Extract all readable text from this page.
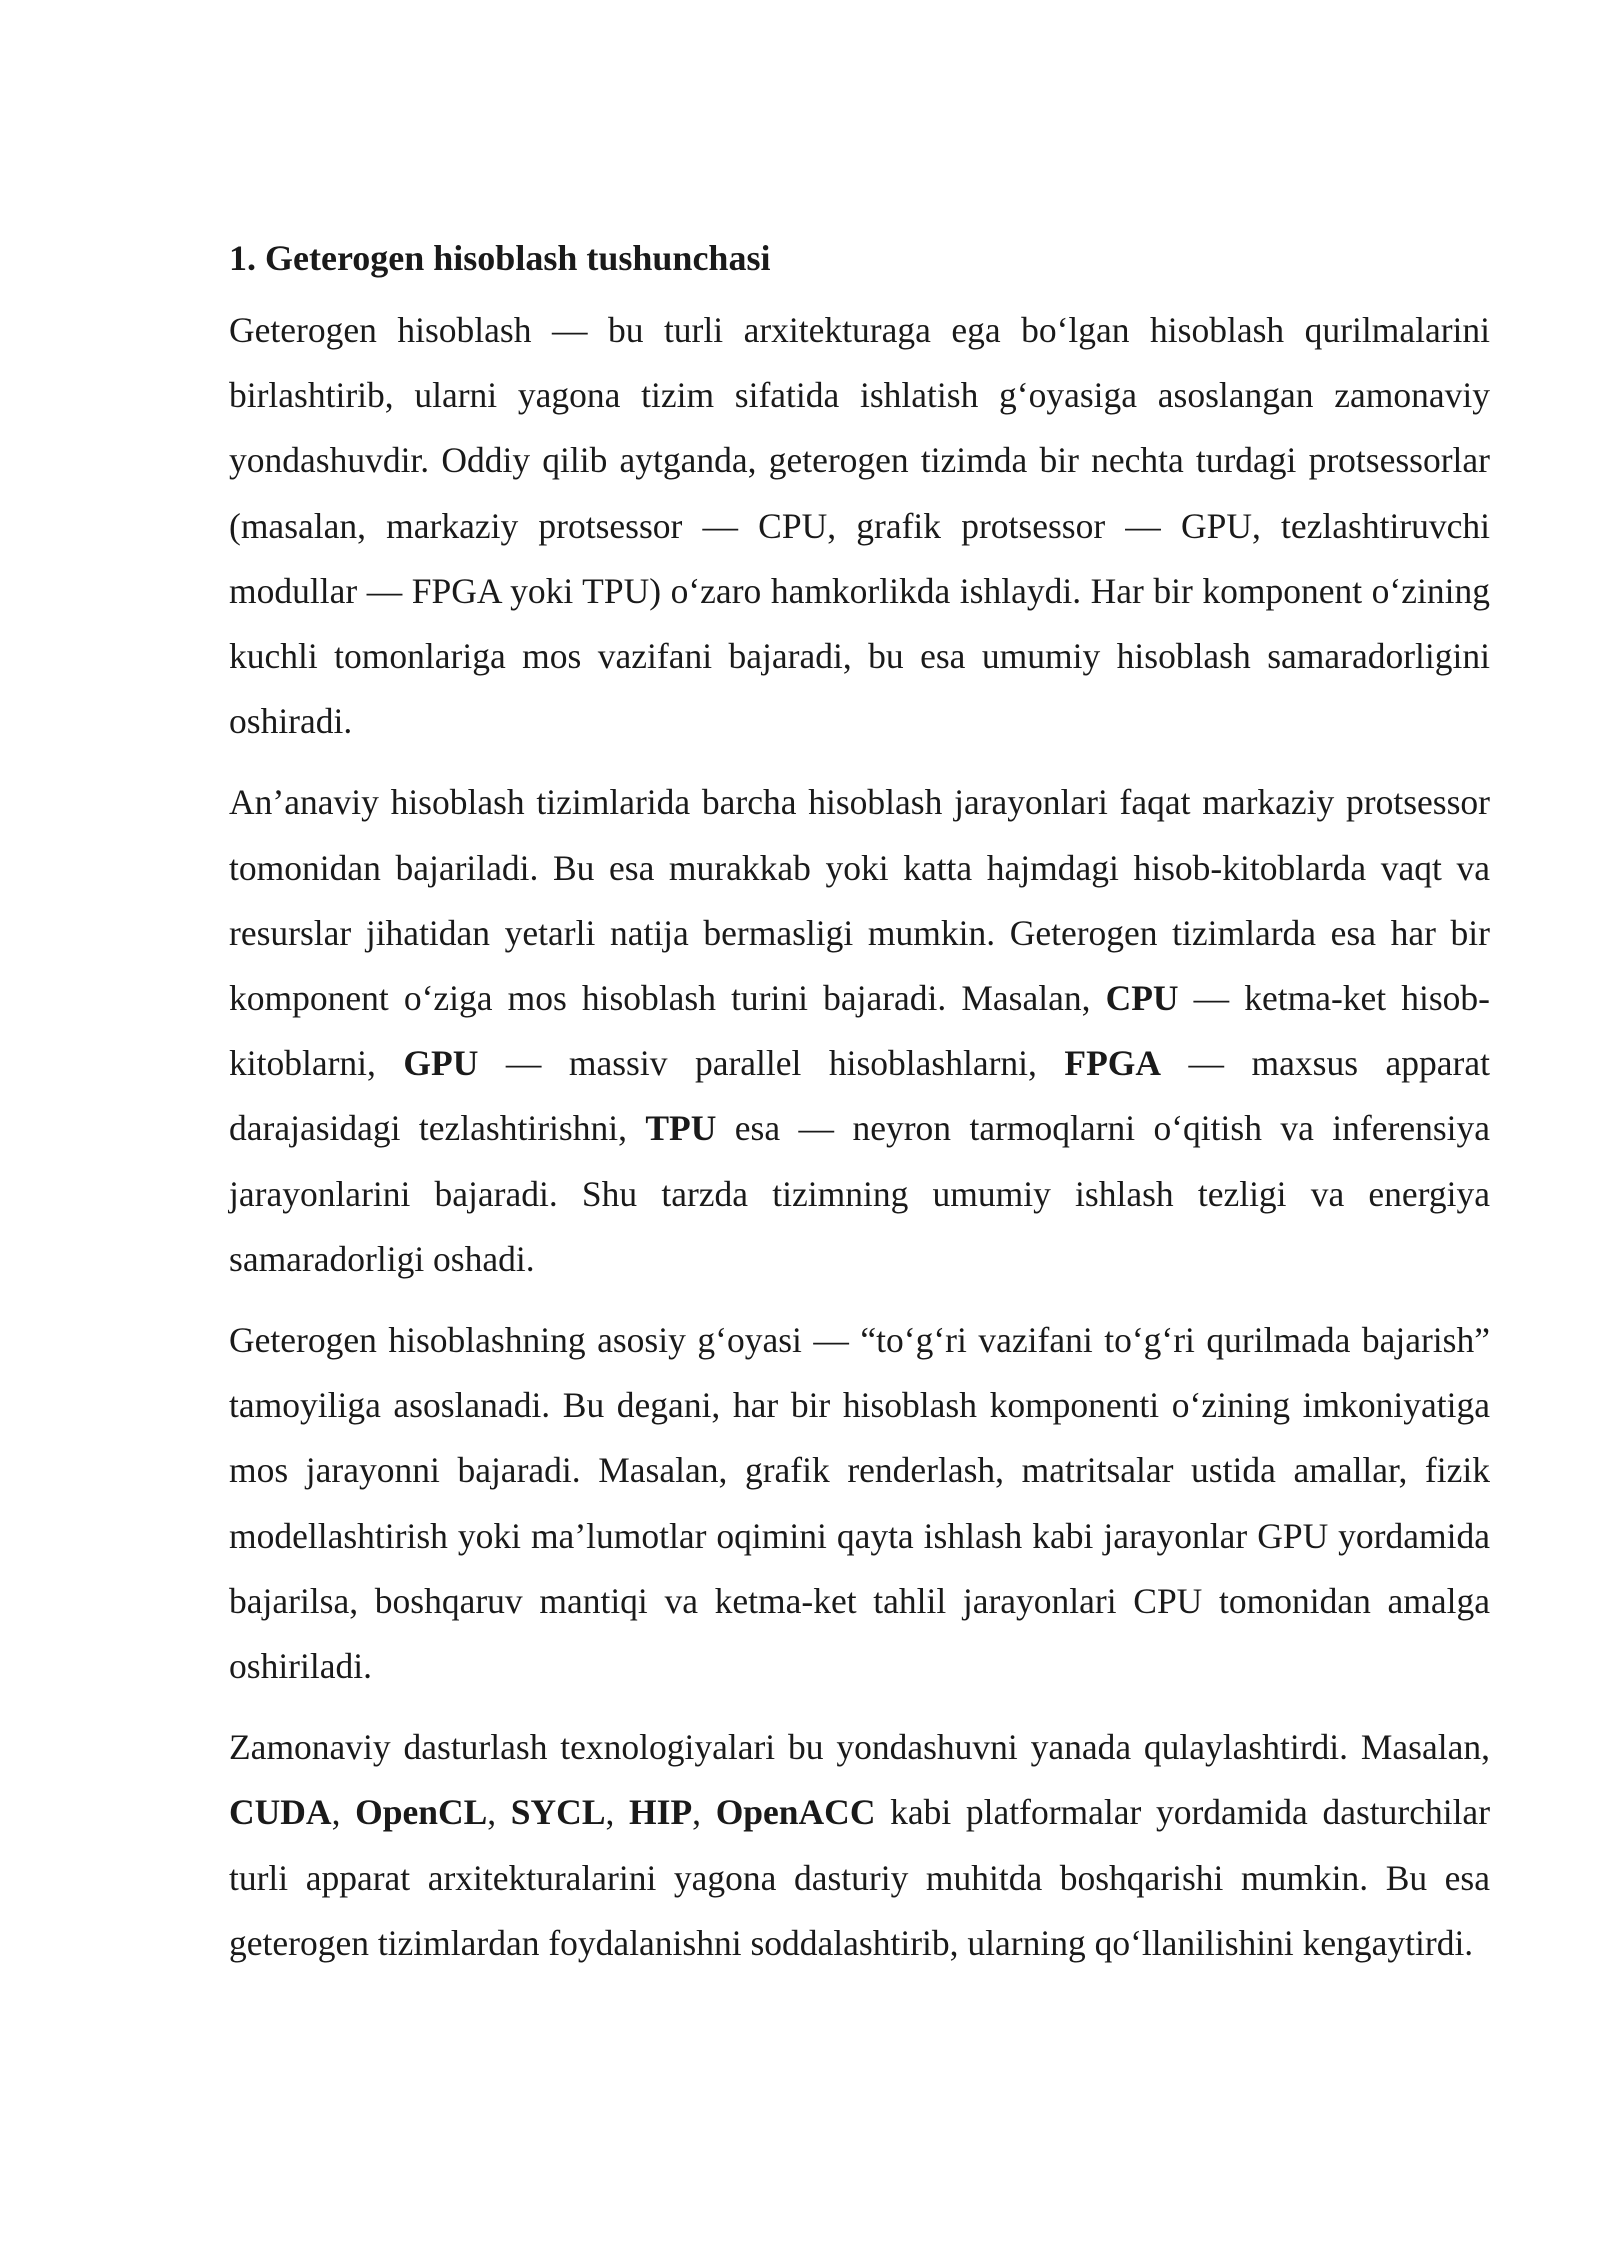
1. Geterogen hisoblash tushunchasi

Geterogen hisoblash — bu turli arxitekturaga ega bo‘lgan hisoblash qurilmalarini birlashtirib, ularni yagona tizim sifatida ishlatish g‘oyasiga asoslangan zamonaviy yondashuvdir. Oddiy qilib aytganda, geterogen tizimda bir nechta turdagi protsessorlar (masalan, markaziy protsessor — CPU, grafik protsessor — GPU, tezlashtiruvchi modullar — FPGA yoki TPU) o‘zaro hamkorlikda ishlaydi. Har bir komponent o‘zining kuchli tomonlariga mos vazifani bajaradi, bu esa umumiy hisoblash samaradorligini oshiradi.

An’anaviy hisoblash tizimlarida barcha hisoblash jarayonlari faqat markaziy protsessor tomonidan bajariladi. Bu esa murakkab yoki katta hajmdagi hisob-kitoblarda vaqt va resurslar jihatidan yetarli natija bermasligi mumkin. Geterogen tizimlarda esa har bir komponent o‘ziga mos hisoblash turini bajaradi. Masalan, CPU — ketma-ket hisob-kitoblarni, GPU — massiv parallel hisoblashlarni, FPGA — maxsus apparat darajasidagi tezlashtirishni, TPU esa — neyron tarmoqlarni o‘qitish va inferensiya jarayonlarini bajaradi. Shu tarzda tizimning umumiy ishlash tezligi va energiya samaradorligi oshadi.

Geterogen hisoblashning asosiy g‘oyasi — “to‘g‘ri vazifani to‘g‘ri qurilmada bajarish” tamoyiliga asoslanadi. Bu degani, har bir hisoblash komponenti o‘zining imkoniyatiga mos jarayonni bajaradi. Masalan, grafik renderlash, matritsalar ustida amallar, fizik modellashtirish yoki ma’lumotlar oqimini qayta ishlash kabi jarayonlar GPU yordamida bajarilsa, boshqaruv mantiqi va ketma-ket tahlil jarayonlari CPU tomonidan amalga oshiriladi.

Zamonaviy dasturlash texnologiyalari bu yondashuvni yanada qulaylashtirdi. Masalan, CUDA, OpenCL, SYCL, HIP, OpenACC kabi platformalar yordamida dasturchilar turli apparat arxitekturalarini yagona dasturiy muhitda boshqarishi mumkin. Bu esa geterogen tizimlardan foydalanishni soddalashtirib, ularning qo‘llanilishini kengaytirdi.
